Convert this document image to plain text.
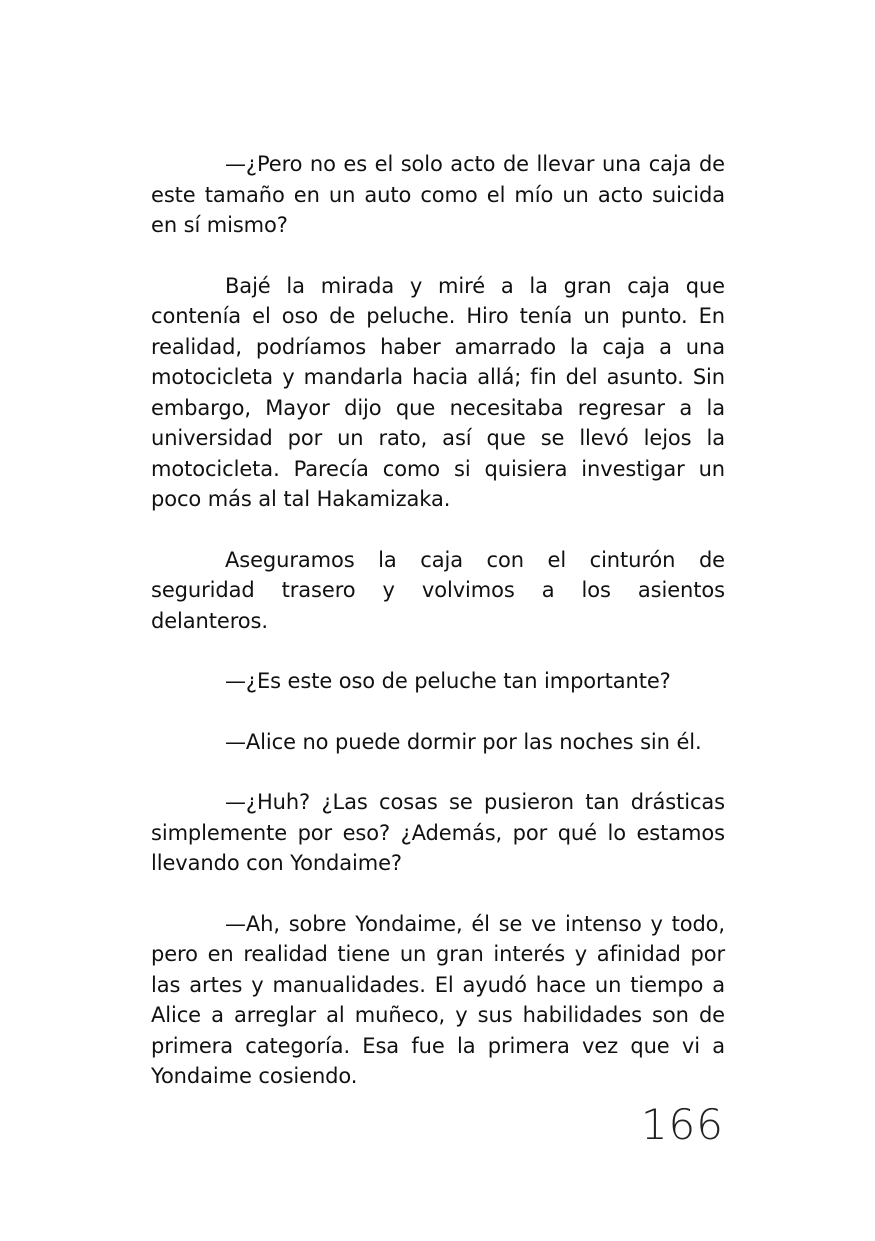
—¿Pero no es el solo acto de llevar una caja de este tamaño en un auto como el mío un acto suicida en sí mismo?

Bajé la mirada y miré a la gran caja que contenía el oso de peluche. Hiro tenía un punto. En realidad, podríamos haber amarrado la caja a una motocicleta y mandarla hacia allá; fin del asunto. Sin embargo, Mayor dijo que necesitaba regresar a la universidad por un rato, así que se llevó lejos la motocicleta. Parecía como si quisiera investigar un poco más al tal Hakamizaka.

Aseguramos la caja con el cinturón de seguridad trasero y volvimos a los asientos delanteros.

—¿Es este oso de peluche tan importante?

—Alice no puede dormir por las noches sin él.

—¿Huh? ¿Las cosas se pusieron tan drásticas simplemente por eso? ¿Además, por qué lo estamos llevando con Yondaime?

—Ah, sobre Yondaime, él se ve intenso y todo, pero en realidad tiene un gran interés y afinidad por las artes y manualidades. El ayudó hace un tiempo a Alice a arreglar al muñeco, y sus habilidades son de primera categoría. Esa fue la primera vez que vi a Yondaime cosiendo.

166
